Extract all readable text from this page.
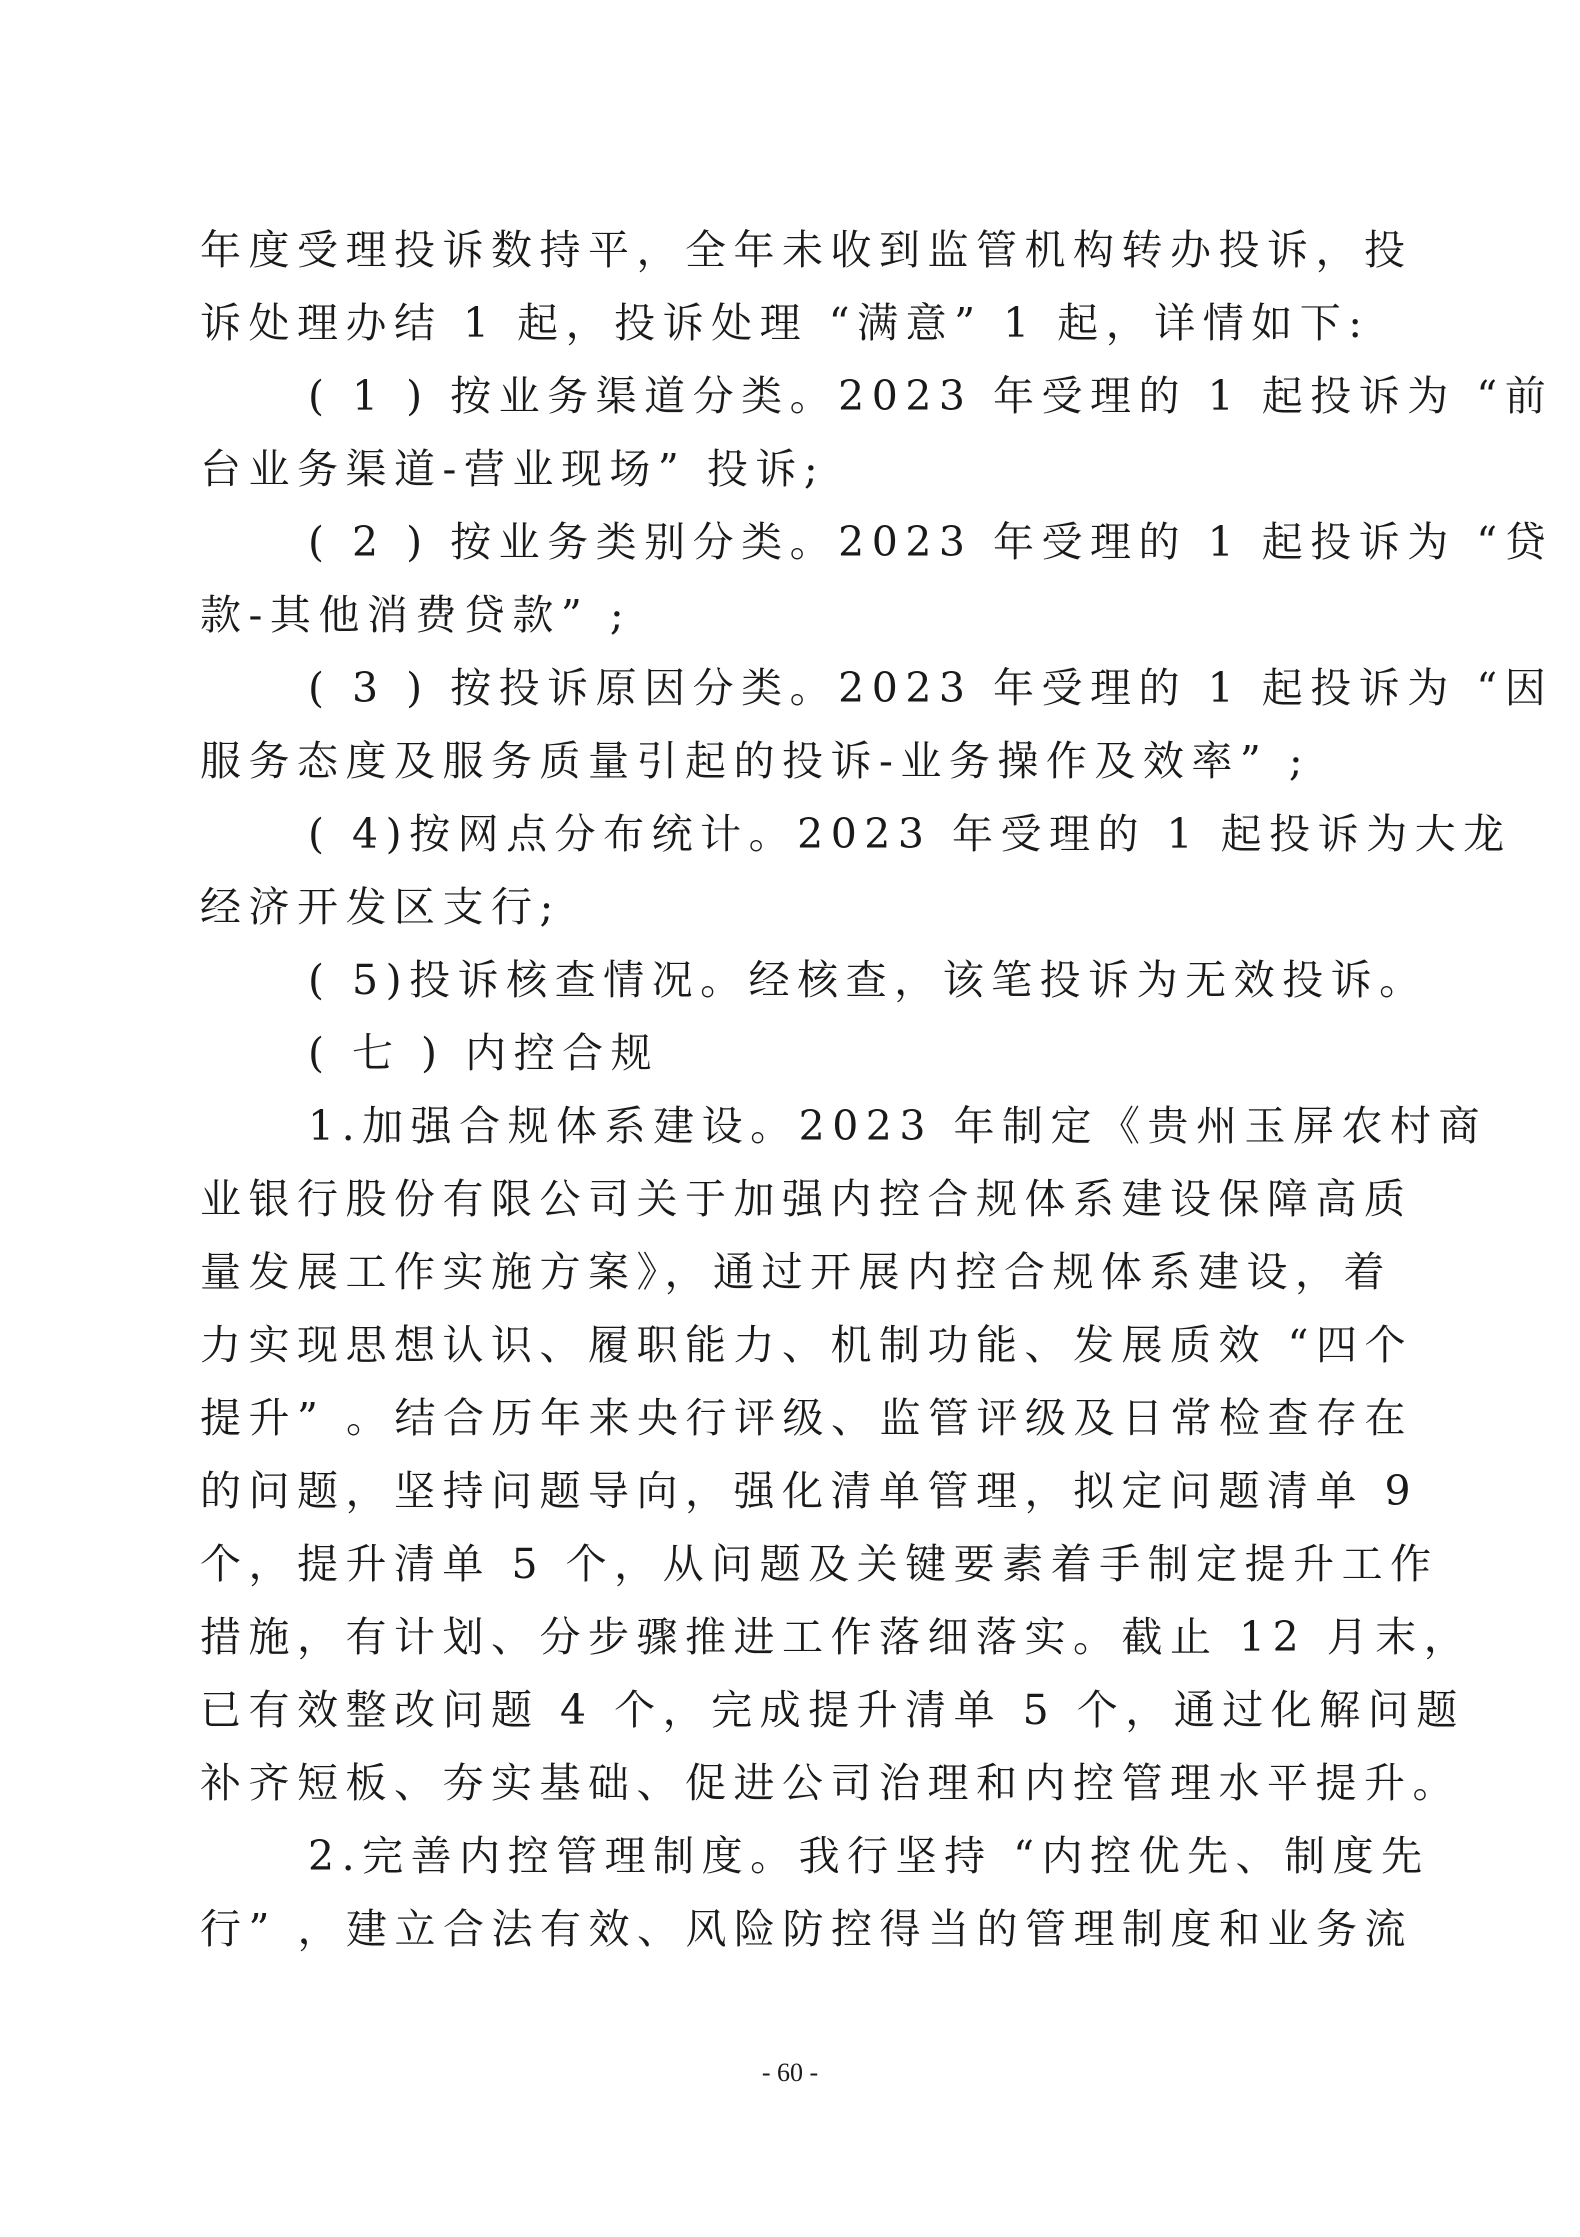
年度受理投诉数持平，全年未收到监管机构转办投诉，投
诉处理办结 1 起，投诉处理 “满意” 1 起，详情如下:
( 1 ) 按业务渠道分类。2023 年受理的 1 起投诉为 “前
台业务渠道-营业现场” 投诉;
( 2 ) 按业务类别分类。2023 年受理的 1 起投诉为 “贷
款-其他消费贷款” ;
( 3 ) 按投诉原因分类。2023 年受理的 1 起投诉为 “因
服务态度及服务质量引起的投诉-业务操作及效率” ;
( 4)按网点分布统计。2023 年受理的 1 起投诉为大龙
经济开发区支行;
( 5)投诉核查情况。经核查，该笔投诉为无效投诉。
( 七 ) 内控合规
1.加强合规体系建设。2023 年制定《贵州玉屏农村商
业银行股份有限公司关于加强内控合规体系建设保障高质
量发展工作实施方案》，通过开展内控合规体系建设，着
力实现思想认识、履职能力、机制功能、发展质效 “四个
提升” 。结合历年来央行评级、监管评级及日常检查存在
的问题，坚持问题导向，强化清单管理，拟定问题清单 9
个，提升清单 5 个，从问题及关键要素着手制定提升工作
措施，有计划、分步骤推进工作落细落实。截止 12 月末，
已有效整改问题 4 个，完成提升清单 5 个，通过化解问题
补齐短板、夯实基础、促进公司治理和内控管理水平提升。
2.完善内控管理制度。我行坚持 “内控优先、制度先
行” ，建立合法有效、风险防控得当的管理制度和业务流
- 60 -
